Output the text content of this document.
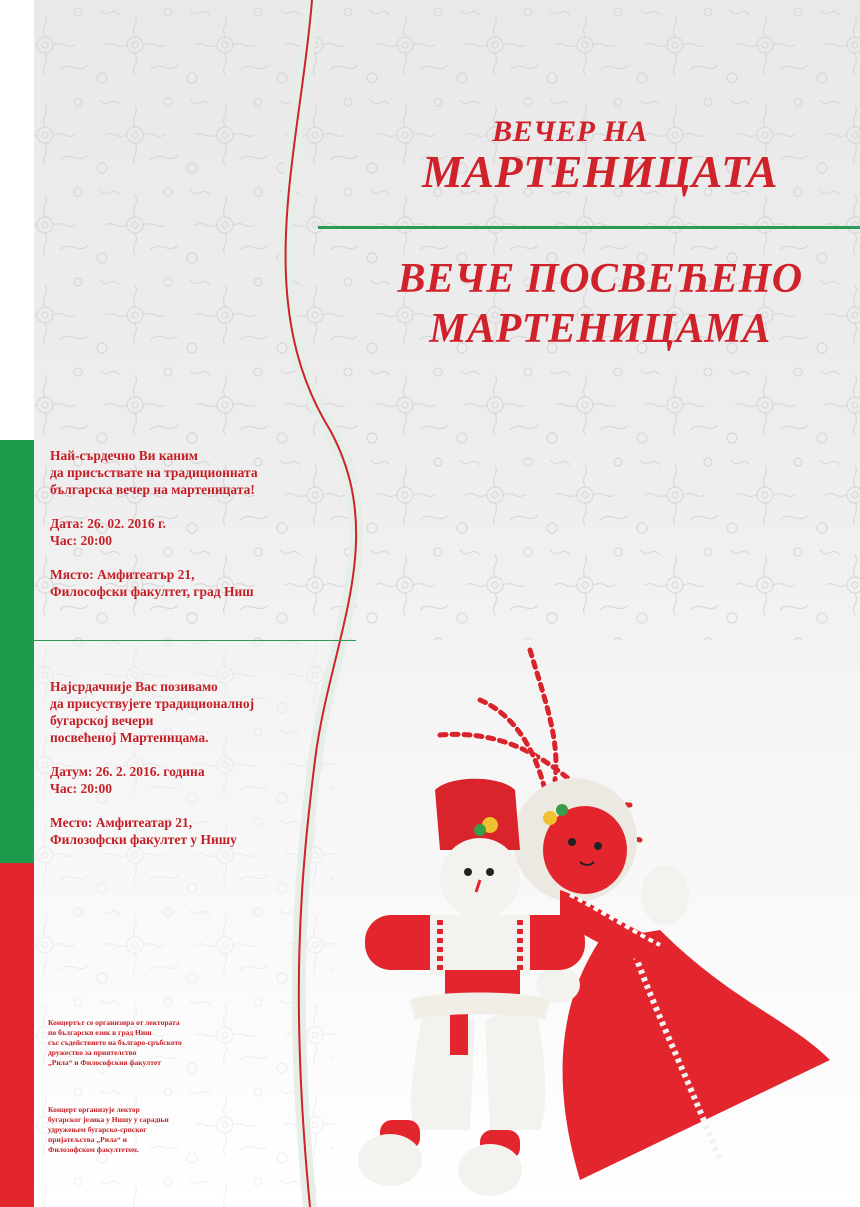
ВЕЧЕР НА

МАРТЕНИЦАТА

ВЕЧЕ ПОСВЕЋЕНО

МАРТЕНИЦАМА

Най-сърдечно Ви каним

да присъствате на традиционната

българска вечер на мартеницата!

Дата: 26. 02. 2016 г.

Час: 20:00

Място: Амфитеатър 21,

Философски факултет, град Ниш

Најсрдачније Вас позивамо

да присуствујете традиционалној

бугарској вечери

посвећеној Мартеницама.

Датум: 26. 2. 2016. година

Час: 20:00

Место: Амфитеатар 21,

Филозофски факултет у Нишу

Концертът се организира от лектората

по български език в град Ниш

със съдействието на българо-сръбското

дружество за приятелство

„Рила“ и Философския факултет

Концерт организује лектор

бугарског језика у Нишу у сарадњи

удружењем бугарско-српског

пријатељства „Рила“ и

Филозофском факултетом.
